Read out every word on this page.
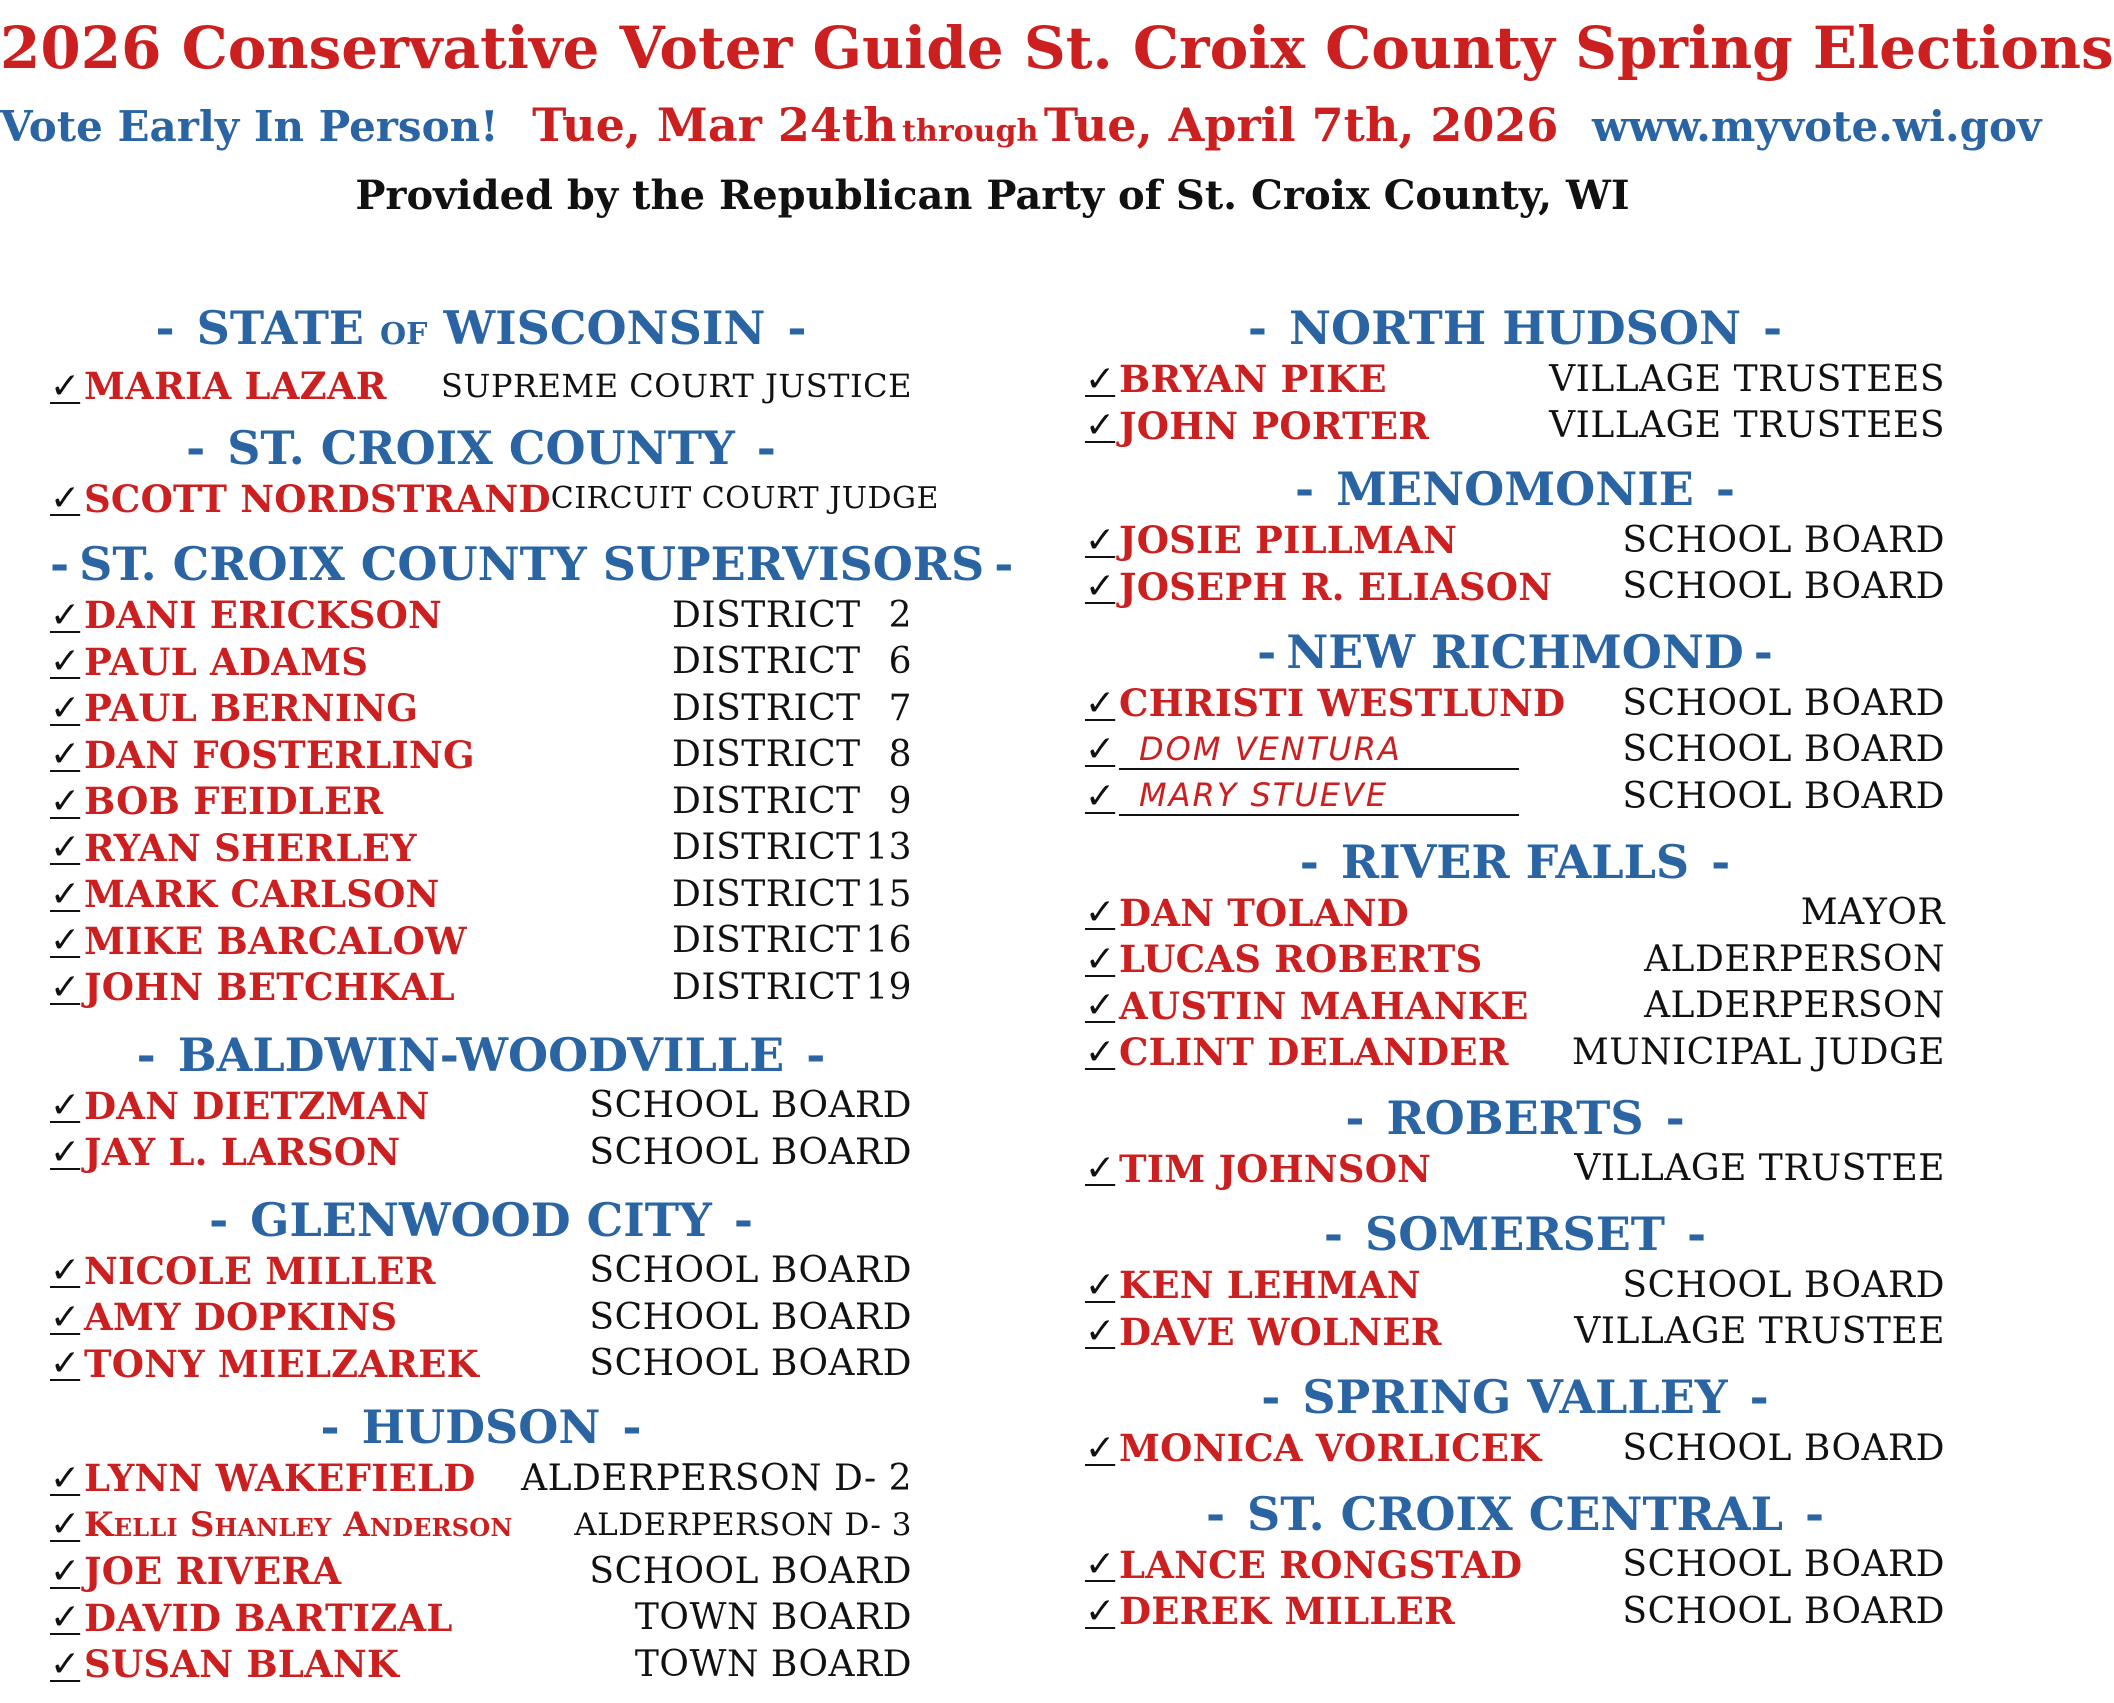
2026 Conservative Voter Guide St. Croix County Spring Elections
Vote Early In Person! Tue, Mar 24th through Tue, April 7th, 2026 www.myvote.wi.gov
Provided by the Republican Party of St. Croix County, WI
- STATE OF WISCONSIN -
✓ MARIA LAZAR SUPREME COURT JUSTICE
- ST. CROIX COUNTY -
✓ SCOTT NORDSTRAND CIRCUIT COURT JUDGE
- ST. CROIX COUNTY SUPERVISORS -
✓ DANI ERICKSON	DISTRICT 2
✓ PAUL ADAMS	DISTRICT 6
✓ PAUL BERNING	DISTRICT 7
✓ DAN FOSTERLING	DISTRICT 8
✓ BOB FEIDLER	DISTRICT 9
✓ RYAN SHERLEY	DISTRICT 13
✓ MARK CARLSON	DISTRICT 15
✓ MIKE BARCALOW	DISTRICT 16
✓ JOHN BETCHKAL	DISTRICT 19
- BALDWIN-WOODVILLE -
✓ DAN DIETZMAN	SCHOOL BOARD
✓ JAY L. LARSON	SCHOOL BOARD
- GLENWOOD CITY -
✓ NICOLE MILLER	SCHOOL BOARD
✓ AMY DOPKINS	SCHOOL BOARD
✓ TONY MIELZAREK	SCHOOL BOARD
- HUDSON -
✓ LYNN WAKEFIELD ALDERPERSON D- 2
✓ Kelli Shanley Anderson ALDERPERSON D- 3
✓ JOE RIVERA	SCHOOL BOARD
✓ DAVID BARTIZAL	TOWN BOARD
✓ SUSAN BLANK	TOWN BOARD
- NORTH HUDSON -
✓ BRYAN PIKE	VILLAGE TRUSTEES
✓ JOHN PORTER	VILLAGE TRUSTEES
- MENOMONIE -
✓ JOSIE PILLMAN	SCHOOL BOARD
✓ JOSEPH R. ELIASON SCHOOL BOARD
- NEW RICHMOND -
✓ CHRISTI WESTLUND SCHOOL BOARD
✓ DOM VENTURA	SCHOOL BOARD
✓ MARY STUEVE	SCHOOL BOARD
- RIVER FALLS -
✓ DAN TOLAND	MAYOR
✓ LUCAS ROBERTS	ALDERPERSON
✓ AUSTIN MAHANKE	ALDERPERSON
✓ CLINT DELANDER MUNICIPAL JUDGE
- ROBERTS -
✓ TIM JOHNSON	VILLAGE TRUSTEE
- SOMERSET -
✓ KEN LEHMAN	SCHOOL BOARD
✓ DAVE WOLNER	VILLAGE TRUSTEE
- SPRING VALLEY -
✓ MONICA VORLICEK SCHOOL BOARD
- ST. CROIX CENTRAL -
✓ LANCE RONGSTAD	SCHOOL BOARD
✓ DEREK MILLER	SCHOOL BOARD
